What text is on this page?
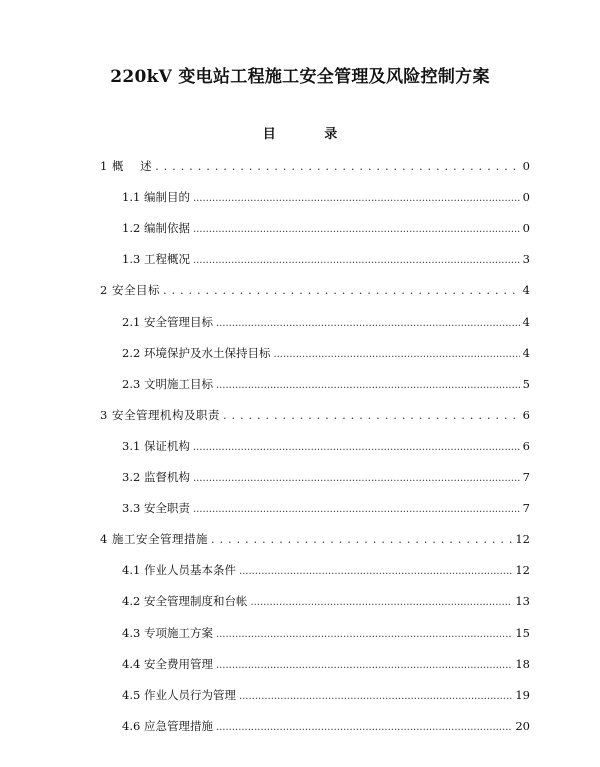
220kV 变电站工程施工安全管理及风险控制方案
目 录
1 概　 述 . . .	0
1.1 编制目的 .....	0
1.2 编制依据 .....	0
1.3 工程概况 .....	3
2 安全目标 . . .	4
2.1 安全管理目标 .....	4
2.2 环境保护及水土保持目标 .....	4
2.3 文明施工目标 .....	5
3 安全管理机构及职责 . . .	6
3.1 保证机构 .....	6
3.2 监督机构 .....	7
3.3 安全职责 .....	7
4 施工安全管理措施 . . .	12
4.1 作业人员基本条件 .....	12
4.2 安全管理制度和台帐 .....	13
4.3 专项施工方案 .....	15
4.4 安全费用管理 .....	18
4.5 作业人员行为管理 .....	19
4.6 应急管理措施 .....	20
